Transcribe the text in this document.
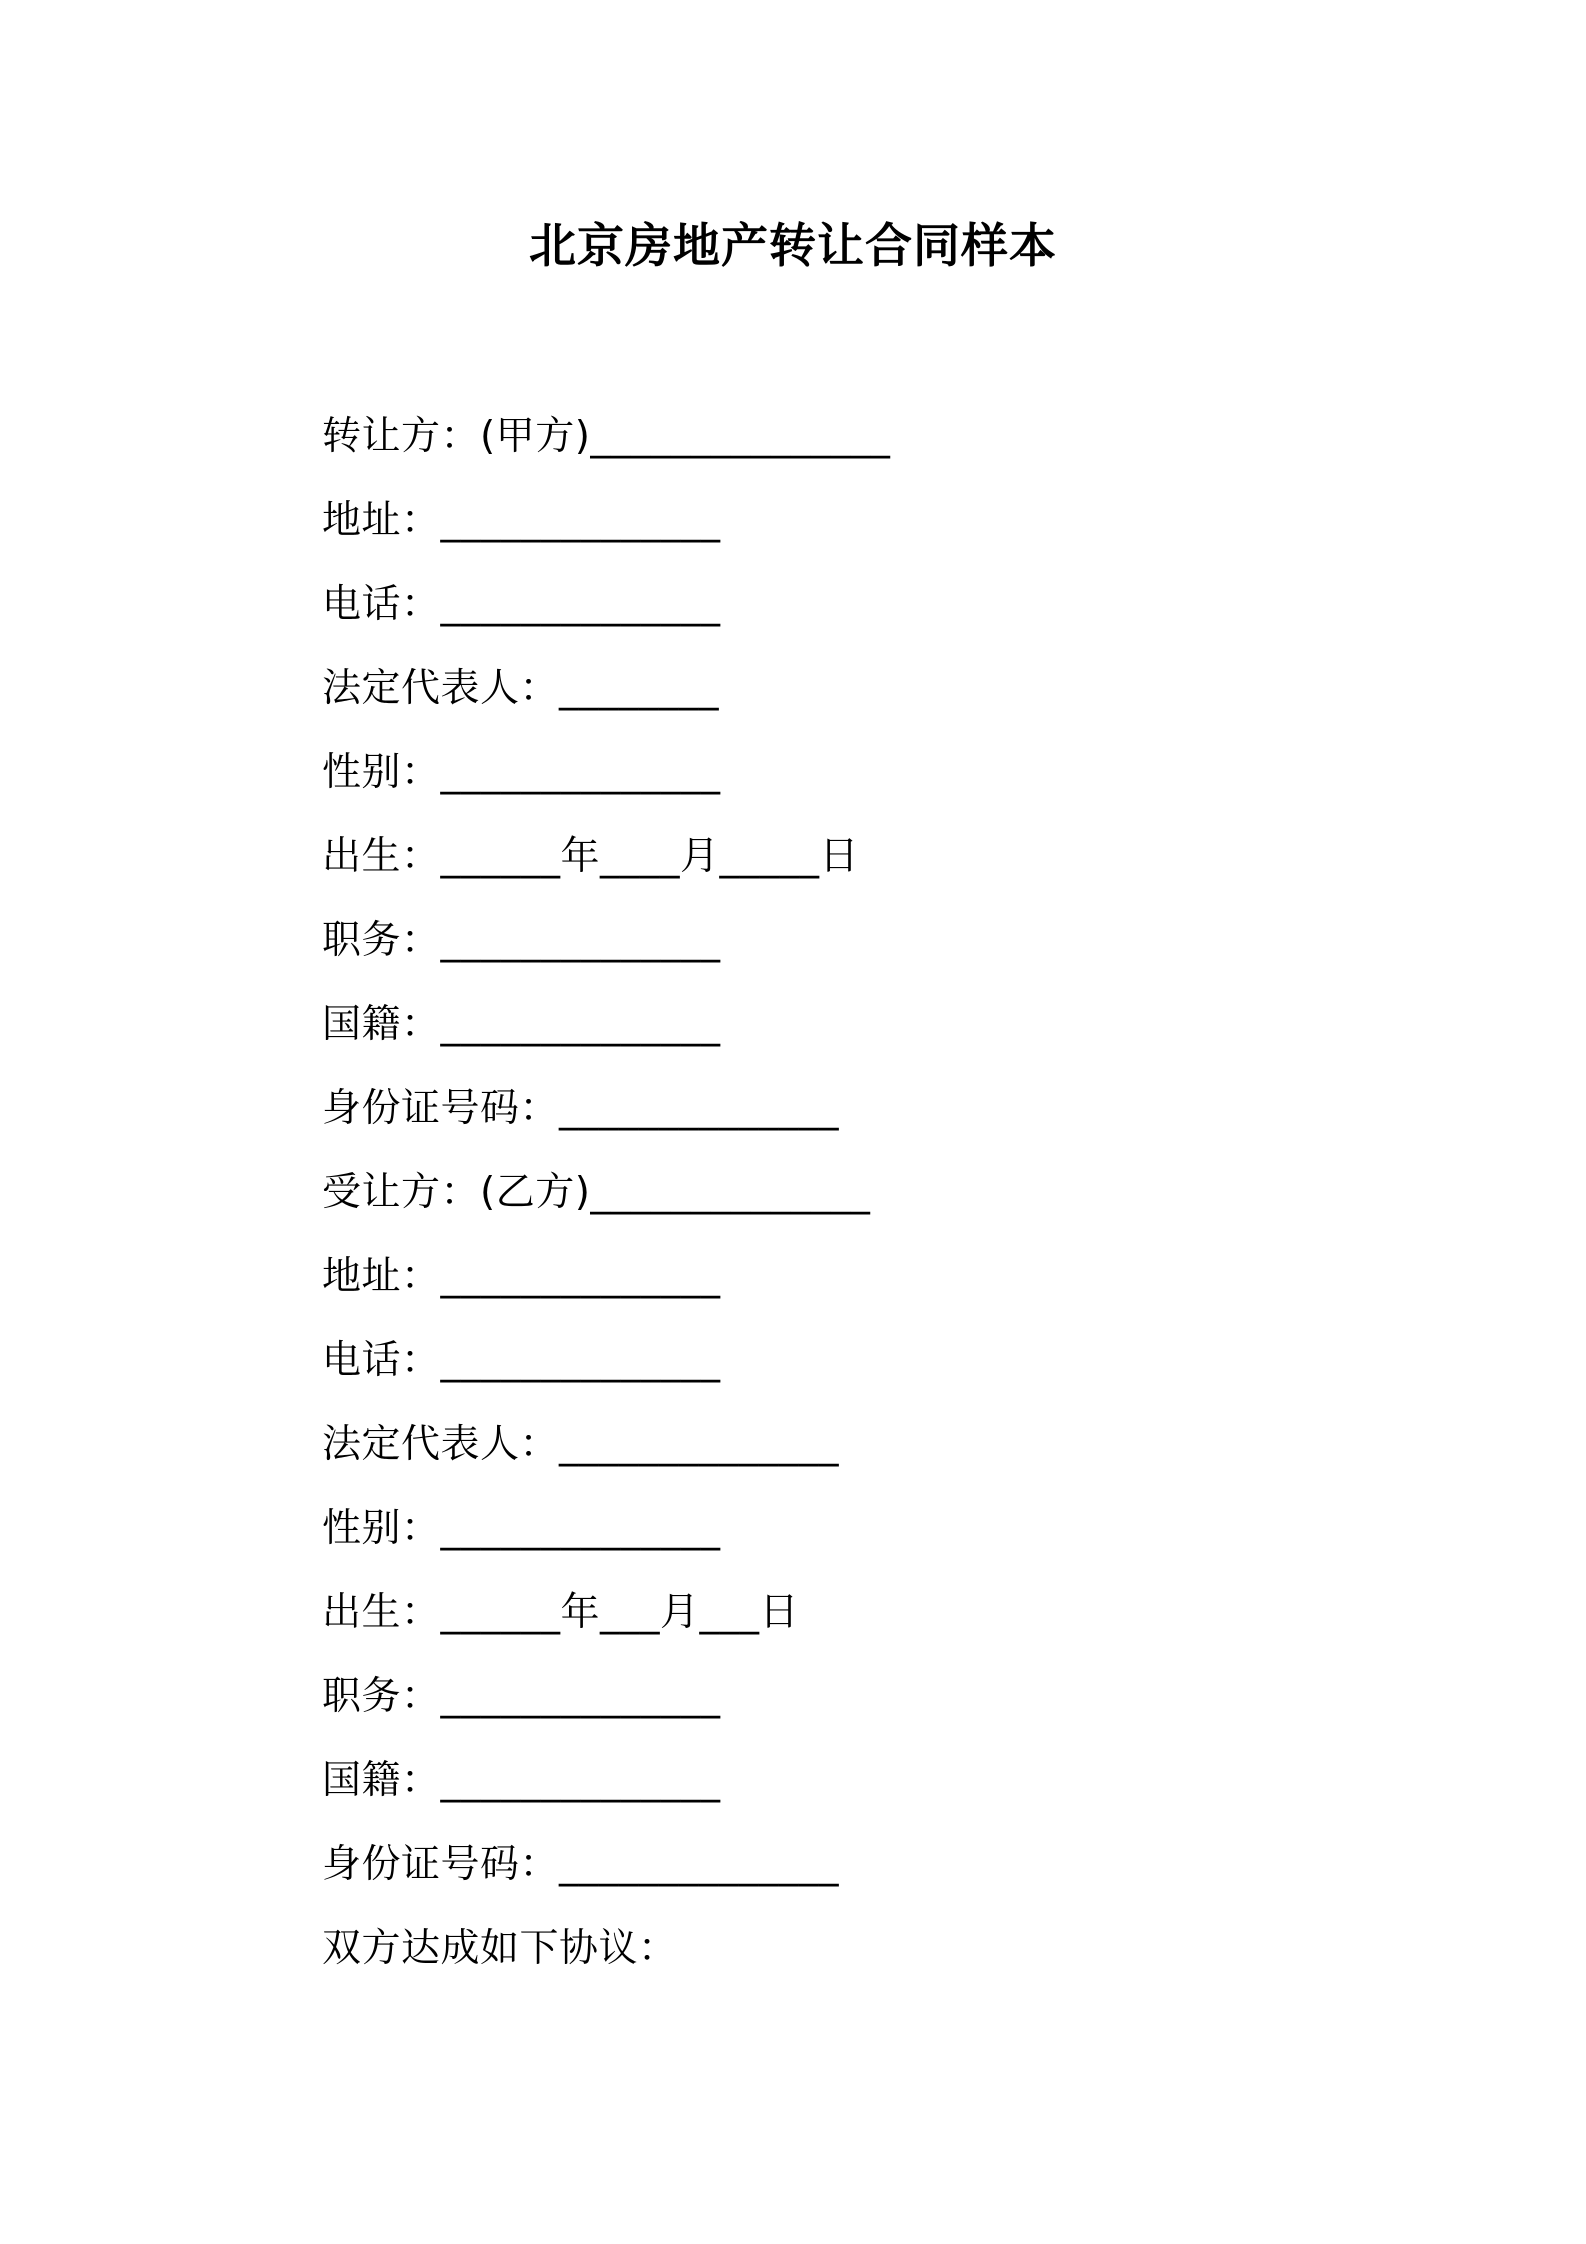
北京房地产转让合同样本
转让方：(甲方)_______________
地址：______________
电话：______________
法定代表人：________
性别：______________
出生：______年____月_____日
职务：______________
国籍：______________
身份证号码：______________
受让方：(乙方)______________
地址：______________
电话：______________
法定代表人：______________
性别：______________
出生：______年___月___日
职务：______________
国籍：______________
身份证号码：______________
双方达成如下协议：
